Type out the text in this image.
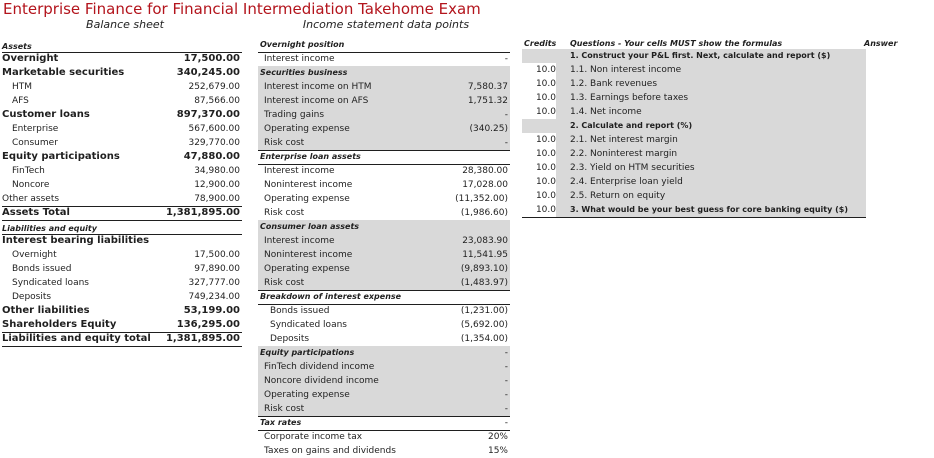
Enterprise Finance for Financial Intermediation Takehome Exam
Balance sheet	Income statement data points
Assets
Overnight	17,500.00
Marketable securities	340,245.00
HTM	252,679.00
AFS	87,566.00
Customer loans	897,370.00
Enterprise	567,600.00
Consumer	329,770.00
Equity participations	47,880.00
FinTech	34,980.00
Noncore	12,900.00
Other assets	78,900.00
Assets Total	1,381,895.00
Liabilities and equity
Interest bearing liabilities
Overnight	17,500.00
Bonds issued	97,890.00
Syndicated loans	327,777.00
Deposits	749,234.00
Other liabilities	53,199.00
Shareholders Equity	136,295.00
Liabilities and equity total 1,381,895.00
Overnight position
Interest income	-
Securities business
Interest income on HTM	7,580.37
Interest income on AFS	1,751.32
Trading gains	-
Operating expense	(340.25)
Risk cost	-
Enterprise loan assets
Interest income	28,380.00
Noninterest income	17,028.00
Operating expense	(11,352.00)
Risk cost	(1,986.60)
Consumer loan assets
Interest income	23,083.90
Noninterest income	11,541.95
Operating expense	(9,893.10)
Risk cost	(1,483.97)
Breakdown of interest expense
Bonds issued	(1,231.00)
Syndicated loans	(5,692.00)
Deposits	(1,354.00)
Equity participations	-
FinTech dividend income	-
Noncore dividend income	-
Operating expense	-
Risk cost	-
Tax rates	-
Corporate income tax	20%
Taxes on gains and dividends	15%
Credits	Questions - Your cells MUST show the formulas	Answer
1. Construct your P&L first. Next, calculate and report ($)
10.0 1.1. Non interest income
10.0 1.2. Bank revenues
10.0 1.3. Earnings before taxes
10.0 1.4. Net income
2. Calculate and report (%)
10.0 2.1. Net interest margin
10.0 2.2. Noninterest margin
10.0 2.3. Yield on HTM securities
10.0 2.4. Enterprise loan yield
10.0 2.5. Return on equity
10.0 3. What would be your best guess for core banking equity ($)
